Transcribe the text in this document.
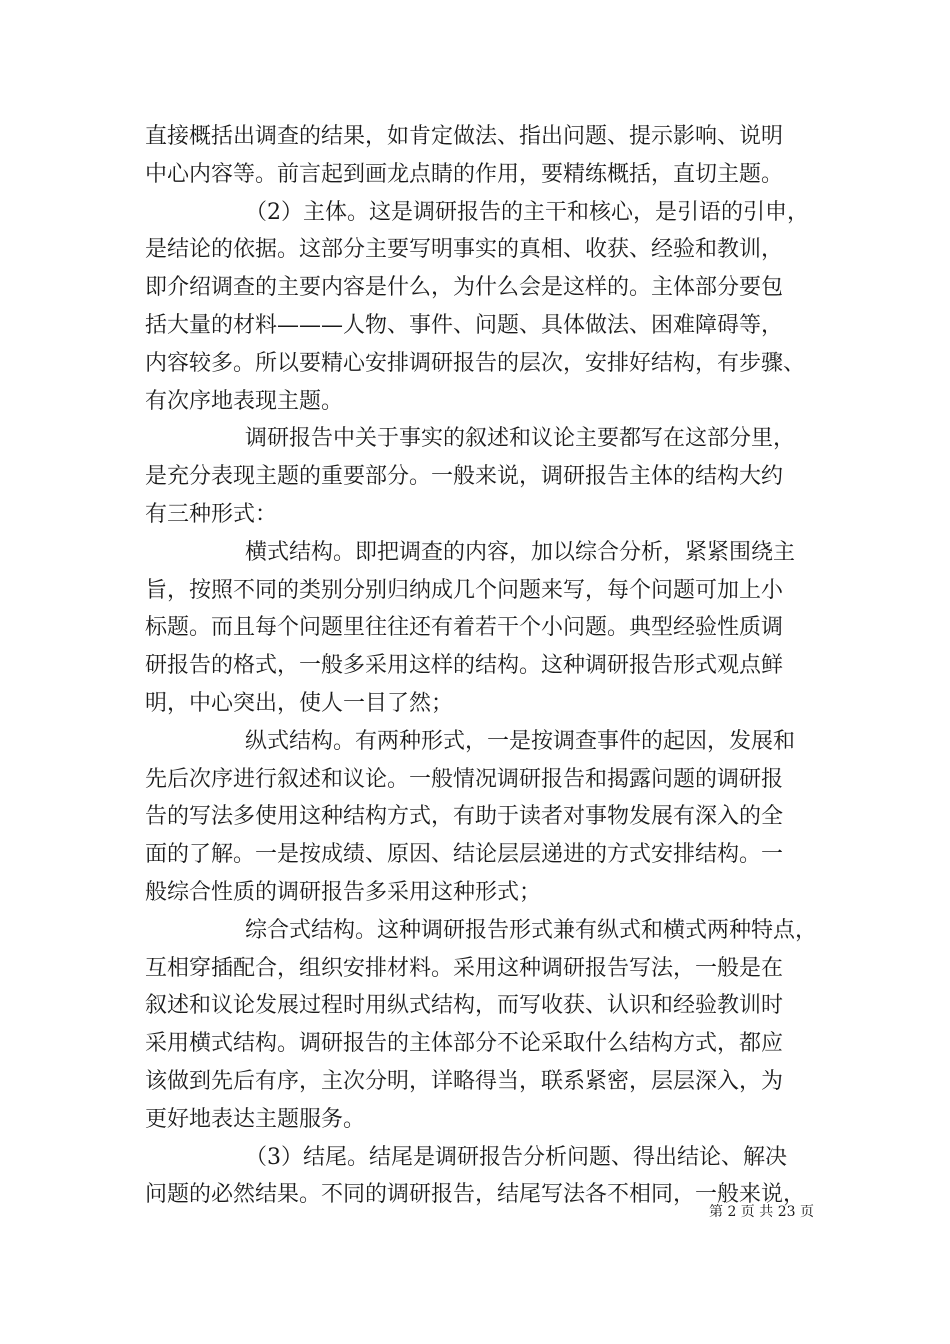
直接概括出调查的结果，如肯定做法、指出问题、提示影响、说明
中心内容等。前言起到画龙点睛的作用，要精练概括，直切主题。

（2）主体。这是调研报告的主干和核心，是引语的引申，
是结论的依据。这部分主要写明事实的真相、收获、经验和教训，
即介绍调查的主要内容是什么，为什么会是这样的。主体部分要包
括大量的材料———人物、事件、问题、具体做法、困难障碍等，
内容较多。所以要精心安排调研报告的层次，安排好结构，有步骤、
有次序地表现主题。

调研报告中关于事实的叙述和议论主要都写在这部分里，
是充分表现主题的重要部分。一般来说，调研报告主体的结构大约
有三种形式：

横式结构。即把调查的内容，加以综合分析，紧紧围绕主
旨，按照不同的类别分别归纳成几个问题来写，每个问题可加上小
标题。而且每个问题里往往还有着若干个小问题。典型经验性质调
研报告的格式，一般多采用这样的结构。这种调研报告形式观点鲜
明，中心突出，使人一目了然；

纵式结构。有两种形式，一是按调查事件的起因，发展和
先后次序进行叙述和议论。一般情况调研报告和揭露问题的调研报
告的写法多使用这种结构方式，有助于读者对事物发展有深入的全
面的了解。一是按成绩、原因、结论层层递进的方式安排结构。一
般综合性质的调研报告多采用这种形式；

综合式结构。这种调研报告形式兼有纵式和横式两种特点，
互相穿插配合，组织安排材料。采用这种调研报告写法，一般是在
叙述和议论发展过程时用纵式结构，而写收获、认识和经验教训时
采用横式结构。调研报告的主体部分不论采取什么结构方式，都应
该做到先后有序，主次分明，详略得当，联系紧密，层层深入，为
更好地表达主题服务。

（3）结尾。结尾是调研报告分析问题、得出结论、解决
问题的必然结果。不同的调研报告，结尾写法各不相同，一般来说，

第 2 页 共 23 页
